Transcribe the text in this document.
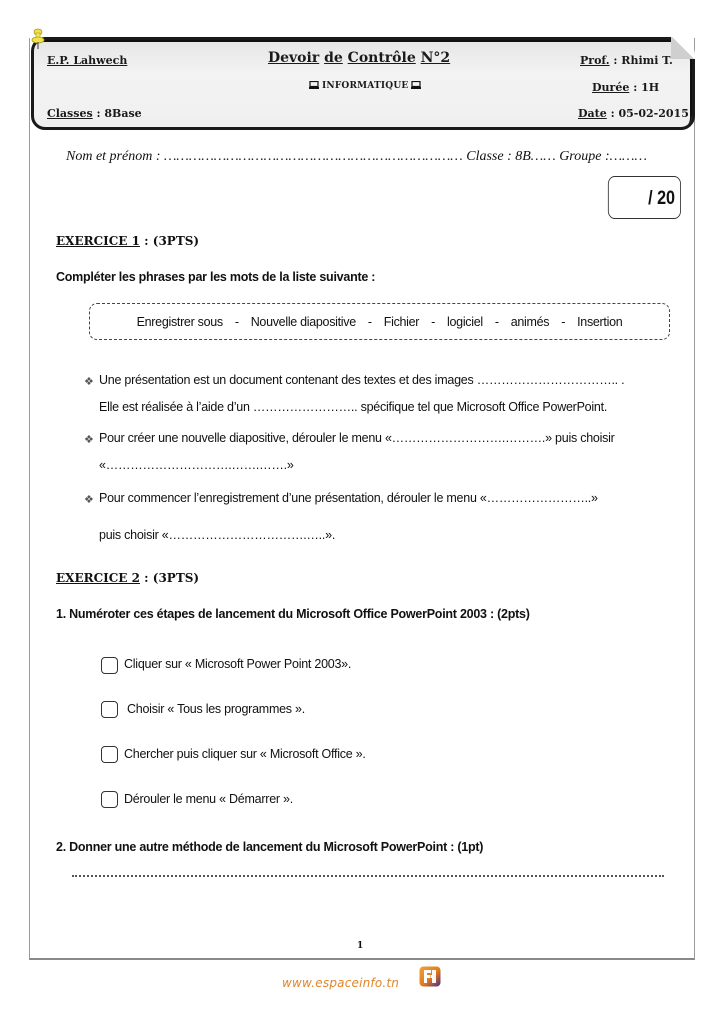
E.P. Lahwech
Classes : 8Base
Devoir de Contrôle N°2
INFORMATIQUE
Prof. : Rhimi T.
Durée : 1H
Date : 05-02-2015
Nom et prénom : ……………………………………………………………… Classe : 8B…… Groupe :………
/ 20
EXERCICE 1 : (3PTS)
Compléter les phrases par les mots de la liste suivante :
Enregistrer sous - Nouvelle diapositive - Fichier - logiciel - animés - Insertion
❖ Une présentation est un document contenant des textes et des images …………………………….. .
Elle est réalisée à l’aide d’un …………………….. spécifique tel que Microsoft Office PowerPoint.
❖ Pour créer une nouvelle diapositive, dérouler le menu «……………………….……….» puis choisir
«………………………….…….…….»
❖ Pour commencer l’enregistrement d’une présentation, dérouler le menu «……………………..»
puis choisir «…………………………….…..».
EXERCICE 2 : (3PTS)
1. Numéroter ces étapes de lancement du Microsoft Office PowerPoint 2003 : (2pts)
Cliquer sur « Microsoft Power Point 2003».
Choisir « Tous les programmes ».
Chercher puis cliquer sur « Microsoft Office ».
Dérouler le menu « Démarrer ».
2. Donner une autre méthode de lancement du Microsoft PowerPoint : (1pt)
1
www.espaceinfo.tn
